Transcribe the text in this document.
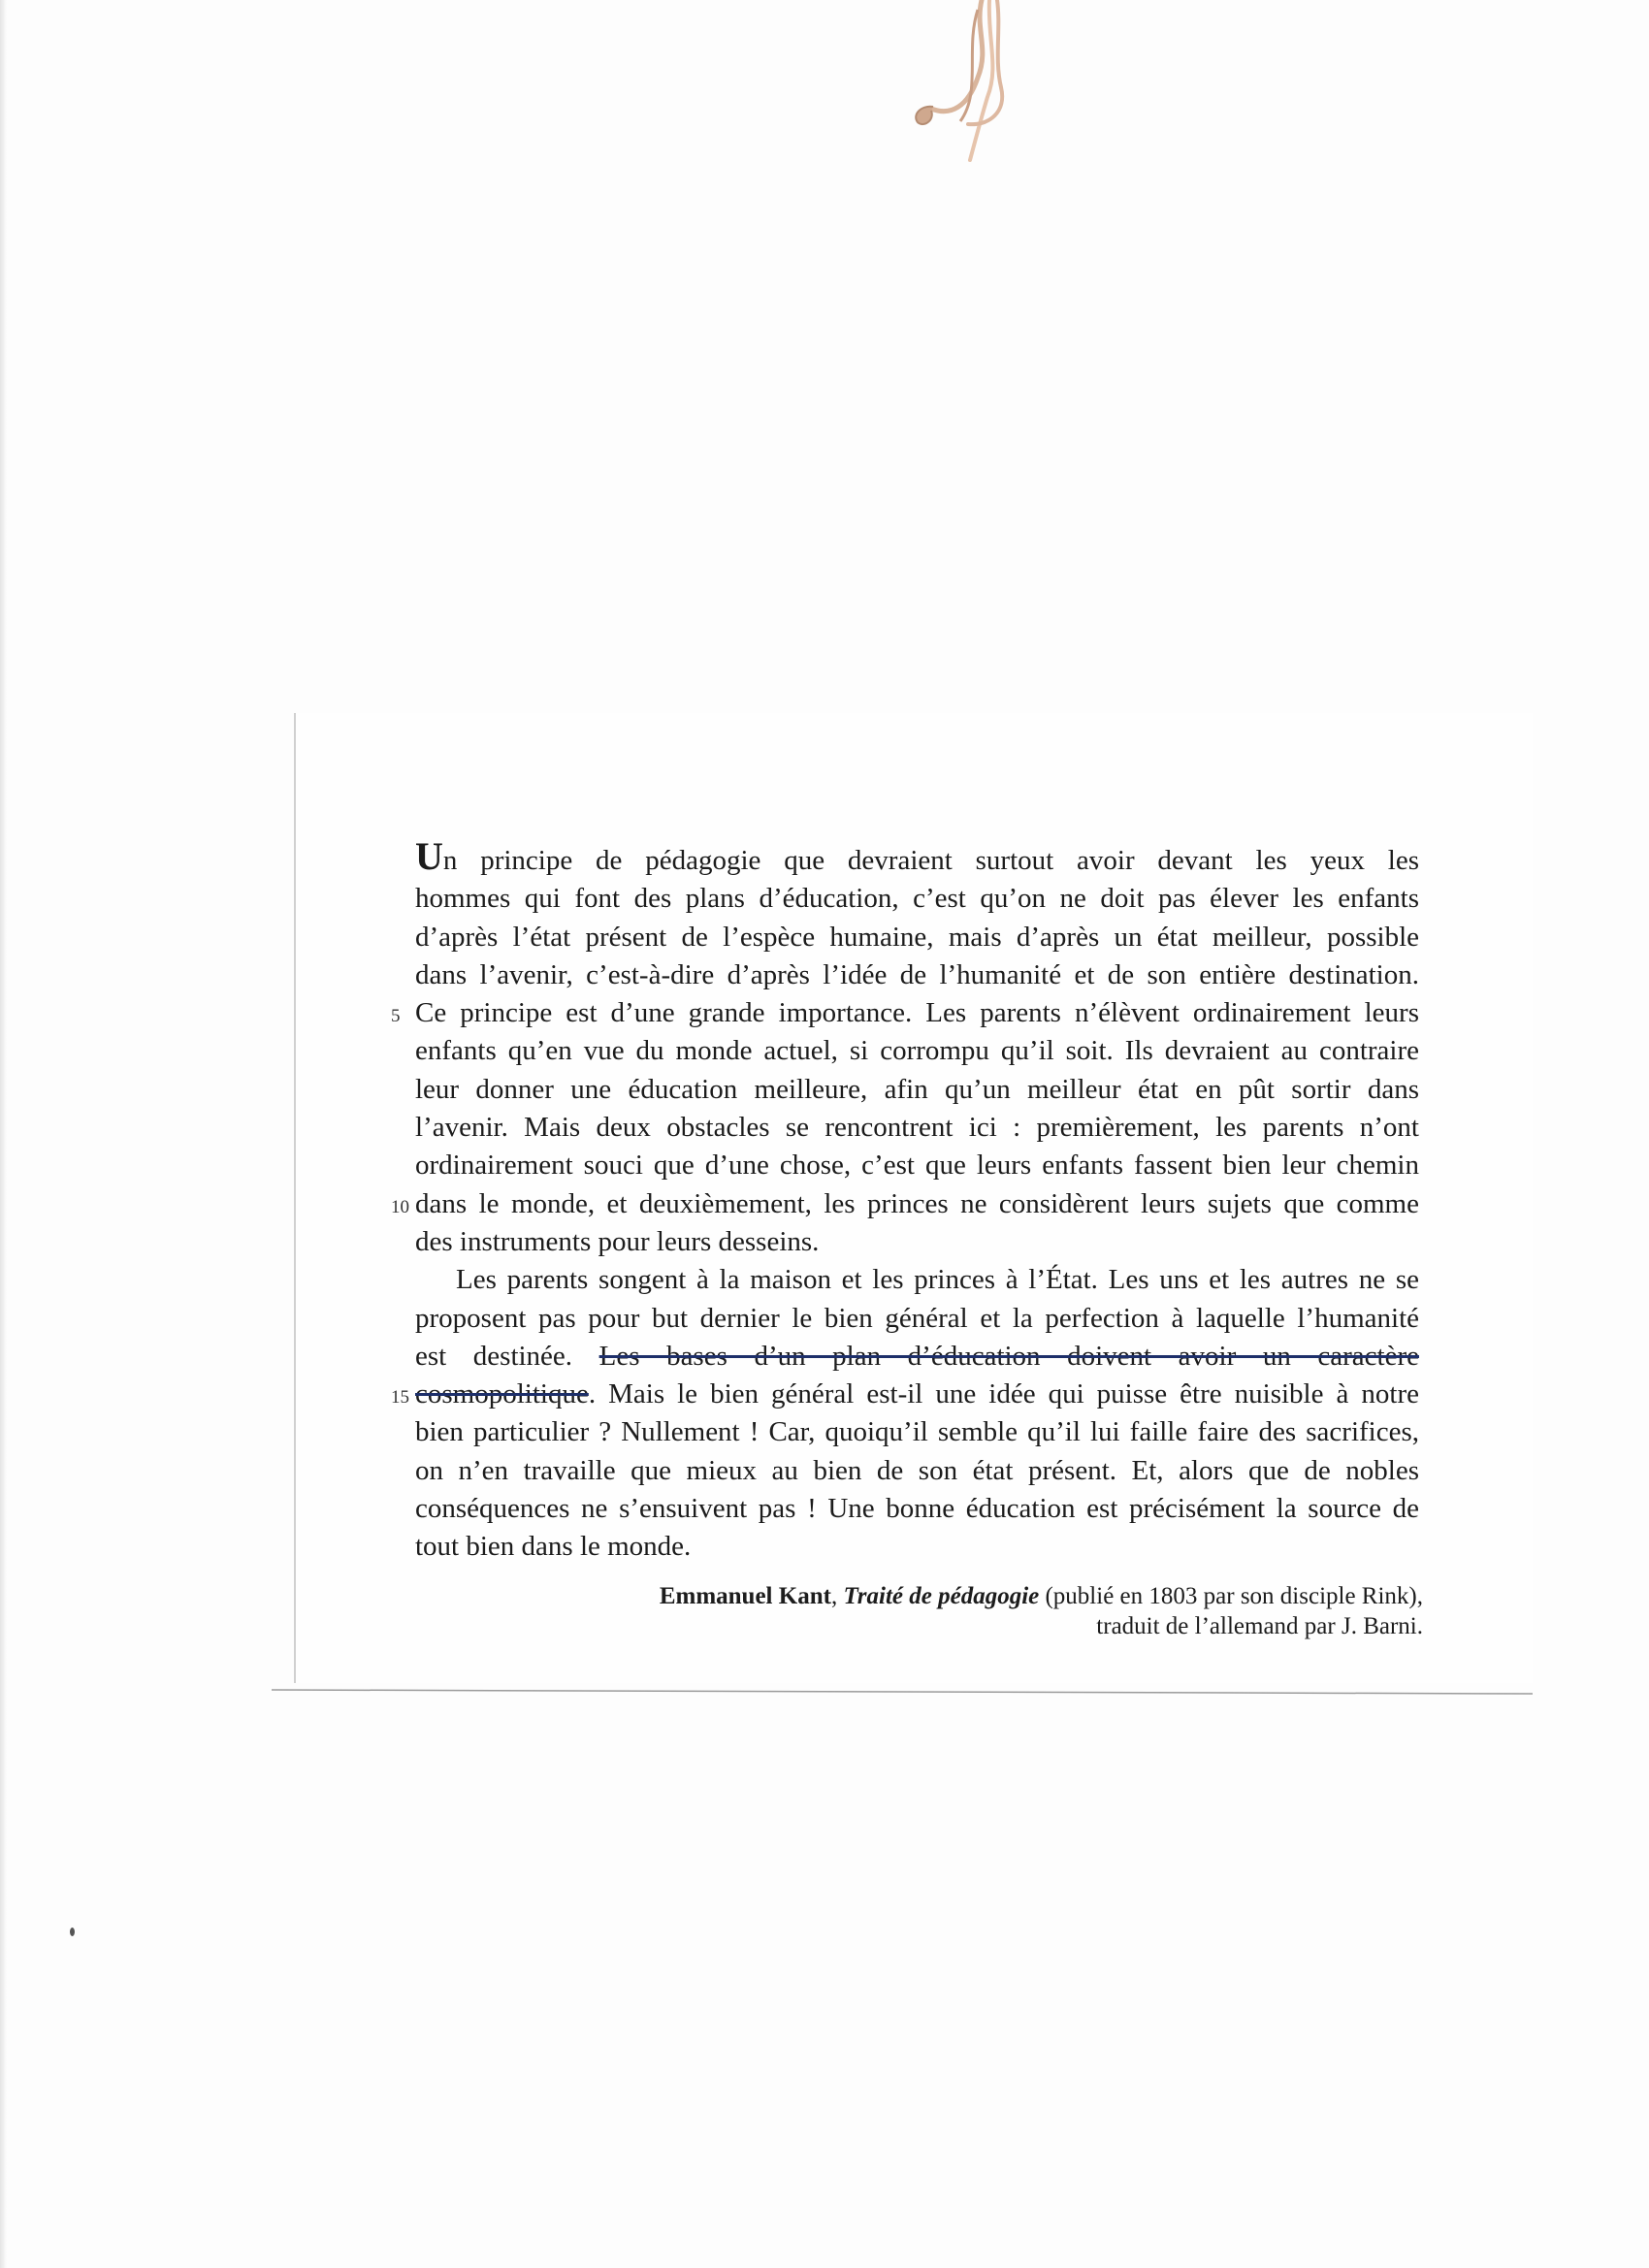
Un principe de pédagogie que devraient surtout avoir devant les yeux les
hommes qui font des plans d’éducation, c’est qu’on ne doit pas élever les enfants
d’après l’état présent de l’espèce humaine, mais d’après un état meilleur, possible
dans l’avenir, c’est-à-dire d’après l’idée de l’humanité et de son entière destination.
5 Ce principe est d’une grande importance. Les parents n’élèvent ordinairement leurs
enfants qu’en vue du monde actuel, si corrompu qu’il soit. Ils devraient au contraire
leur donner une éducation meilleure, afin qu’un meilleur état en pût sortir dans
l’avenir. Mais deux obstacles se rencontrent ici : premièrement, les parents n’ont
ordinairement souci que d’une chose, c’est que leurs enfants fassent bien leur chemin
10 dans le monde, et deuxièmement, les princes ne considèrent leurs sujets que comme
des instruments pour leurs desseins.
Les parents songent à la maison et les princes à l’État. Les uns et les autres ne se
proposent pas pour but dernier le bien général et la perfection à laquelle l’humanité
est destinée. Les bases d’un plan d’éducation doivent avoir un caractère
15 cosmopolitique. Mais le bien général est-il une idée qui puisse être nuisible à notre
bien particulier ? Nullement ! Car, quoiqu’il semble qu’il lui faille faire des sacrifices,
on n’en travaille que mieux au bien de son état présent. Et, alors que de nobles
conséquences ne s’ensuivent pas ! Une bonne éducation est précisément la source de
tout bien dans le monde.
Emmanuel Kant, Traité de pédagogie (publié en 1803 par son disciple Rink),
traduit de l’allemand par J. Barni.
